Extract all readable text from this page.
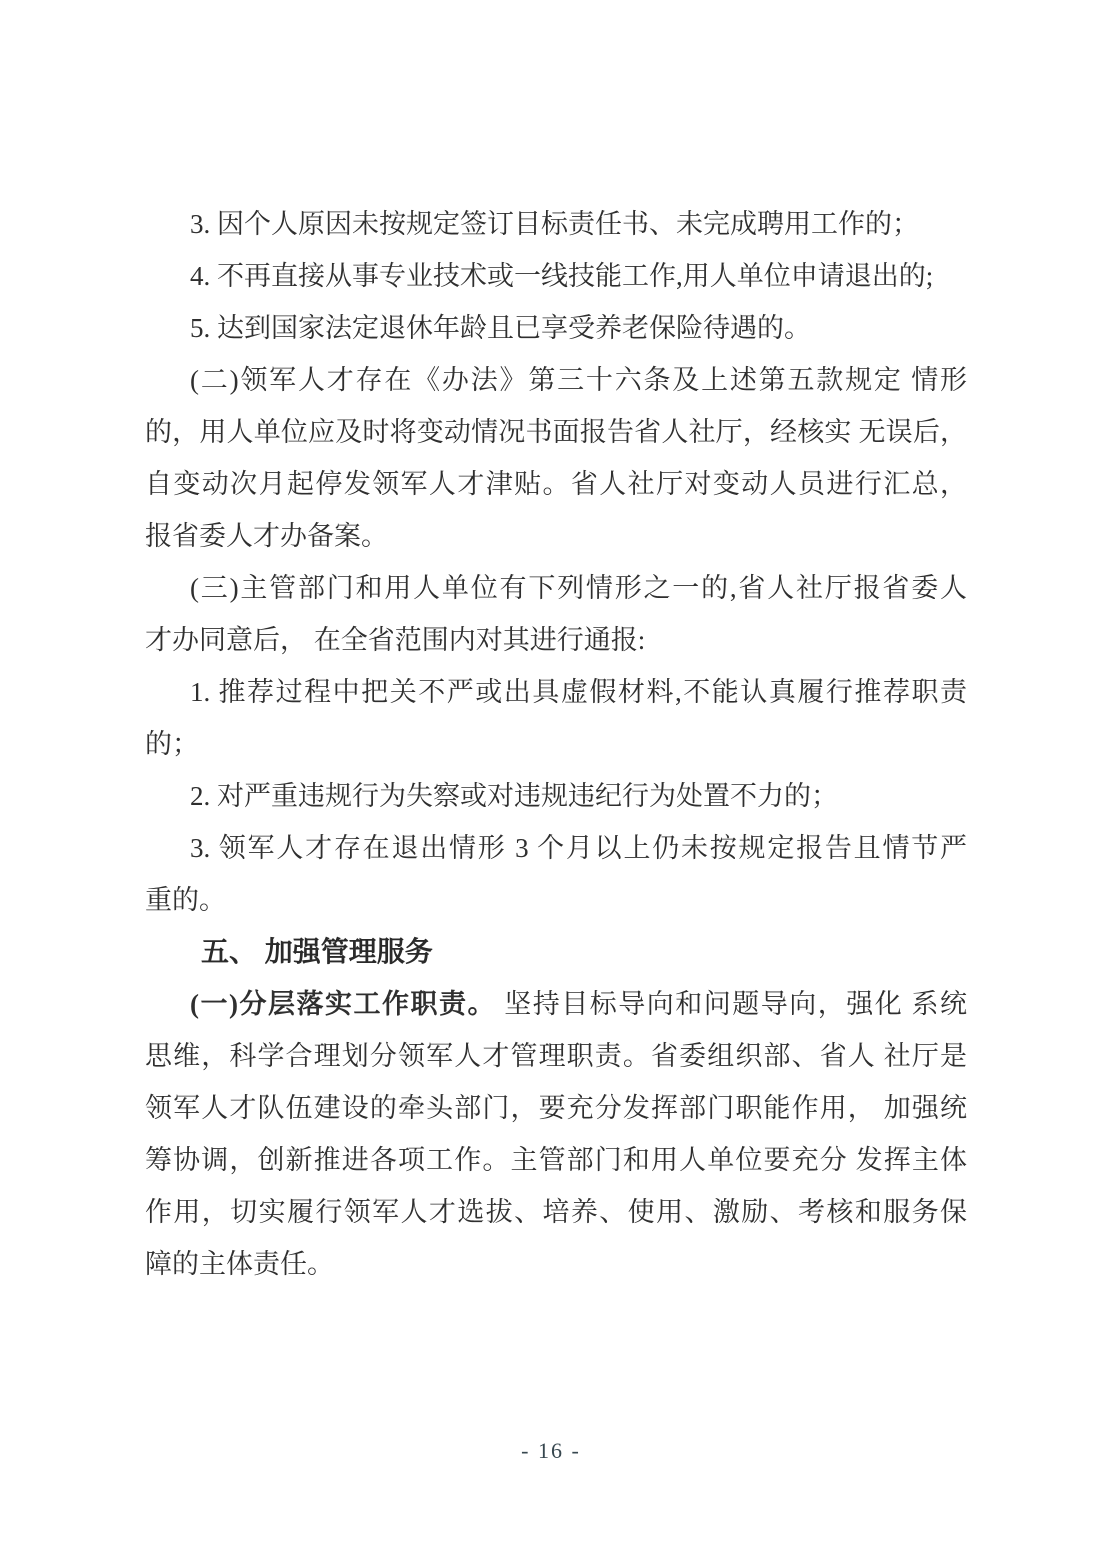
3. 因个人原因未按规定签订目标责任书、未完成聘用工作的；
4. 不再直接从事专业技术或一线技能工作,用人单位申请退出的;
5. 达到国家法定退休年龄且已享受养老保险待遇的。
(二)领军人才存在《办法》第三十六条及上述第五款规定 情形
的，用人单位应及时将变动情况书面报告省人社厅，经核实 无误后，
自变动次月起停发领军人才津贴。省人社厅对变动人员进行汇总，
报省委人才办备案。
(三)主管部门和用人单位有下列情形之一的,省人社厅报省委人
才办同意后， 在全省范围内对其进行通报:
1. 推荐过程中把关不严或出具虚假材料,不能认真履行推荐职责
的；
2. 对严重违规行为失察或对违规违纪行为处置不力的；
3. 领军人才存在退出情形 3 个月以上仍未按规定报告且情节严
重的。
五、 加强管理服务
(一)分层落实工作职责。 坚持目标导向和问题导向，强化 系统
思维，科学合理划分领军人才管理职责。省委组织部、省人 社厅是
领军人才队伍建设的牵头部门，要充分发挥部门职能作用， 加强统
筹协调，创新推进各项工作。主管部门和用人单位要充分 发挥主体
作用，切实履行领军人才选拔、培养、使用、激励、考核和服务保
障的主体责任。
- 16 -
